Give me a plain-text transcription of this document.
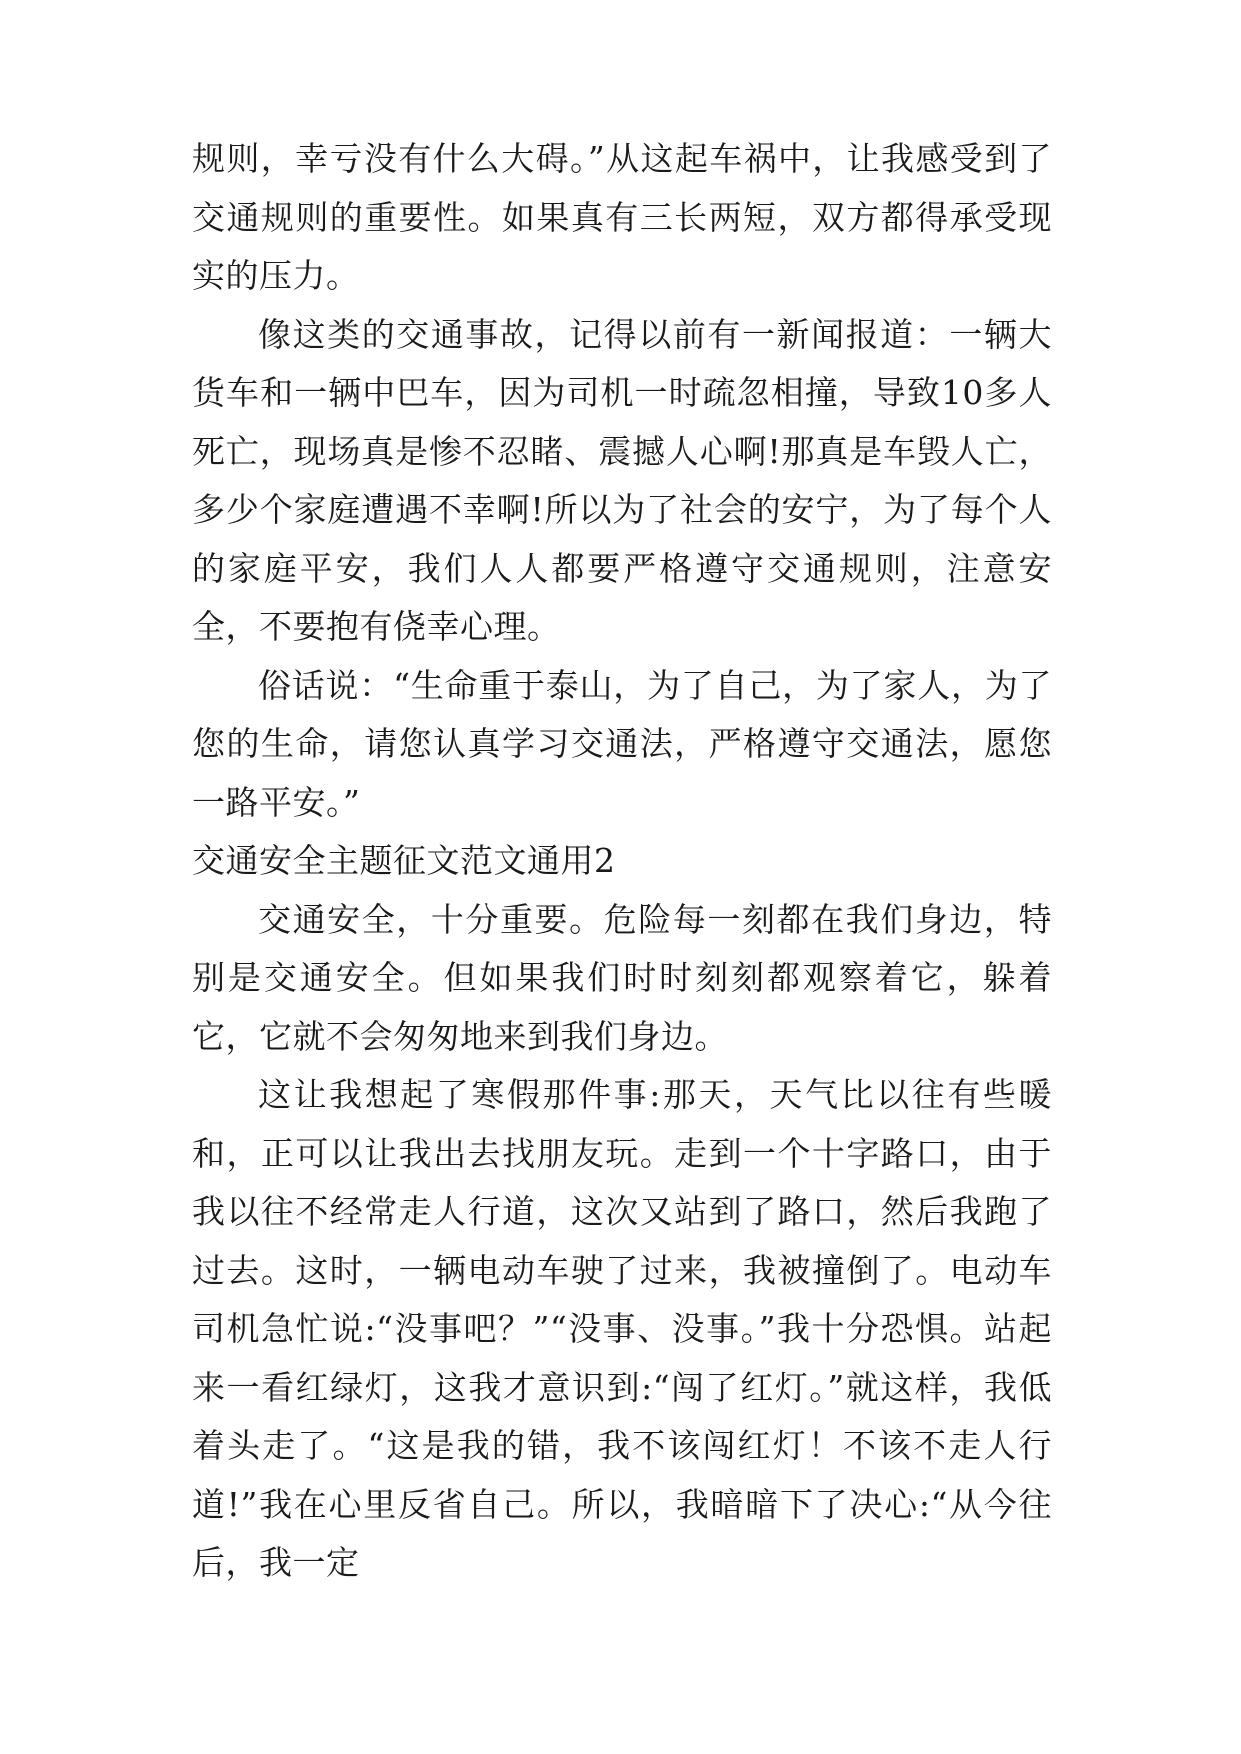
规则，幸亏没有什么大碍。”从这起车祸中，让我感受到了交通规则的重要性。如果真有三长两短，双方都得承受现实的压力。

像这类的交通事故，记得以前有一新闻报道：一辆大货车和一辆中巴车，因为司机一时疏忽相撞，导致10多人死亡，现场真是惨不忍睹、震撼人心啊!那真是车毁人亡，多少个家庭遭遇不幸啊!所以为了社会的安宁，为了每个人的家庭平安，我们人人都要严格遵守交通规则，注意安全，不要抱有侥幸心理。

俗话说：“生命重于泰山，为了自己，为了家人，为了您的生命，请您认真学习交通法，严格遵守交通法，愿您一路平安。”

交通安全主题征文范文通用2

交通安全，十分重要。危险每一刻都在我们身边，特别是交通安全。但如果我们时时刻刻都观察着它，躲着它，它就不会匆匆地来到我们身边。

这让我想起了寒假那件事:那天，天气比以往有些暖和，正可以让我出去找朋友玩。走到一个十字路口，由于我以往不经常走人行道，这次又站到了路口，然后我跑了过去。这时，一辆电动车驶了过来，我被撞倒了。电动车司机急忙说:“没事吧？”“没事、没事。”我十分恐惧。站起来一看红绿灯，这我才意识到:“闯了红灯。”就这样，我低着头走了。“这是我的错，我不该闯红灯！不该不走人行道!”我在心里反省自己。所以，我暗暗下了决心:“从今往后，我一定
